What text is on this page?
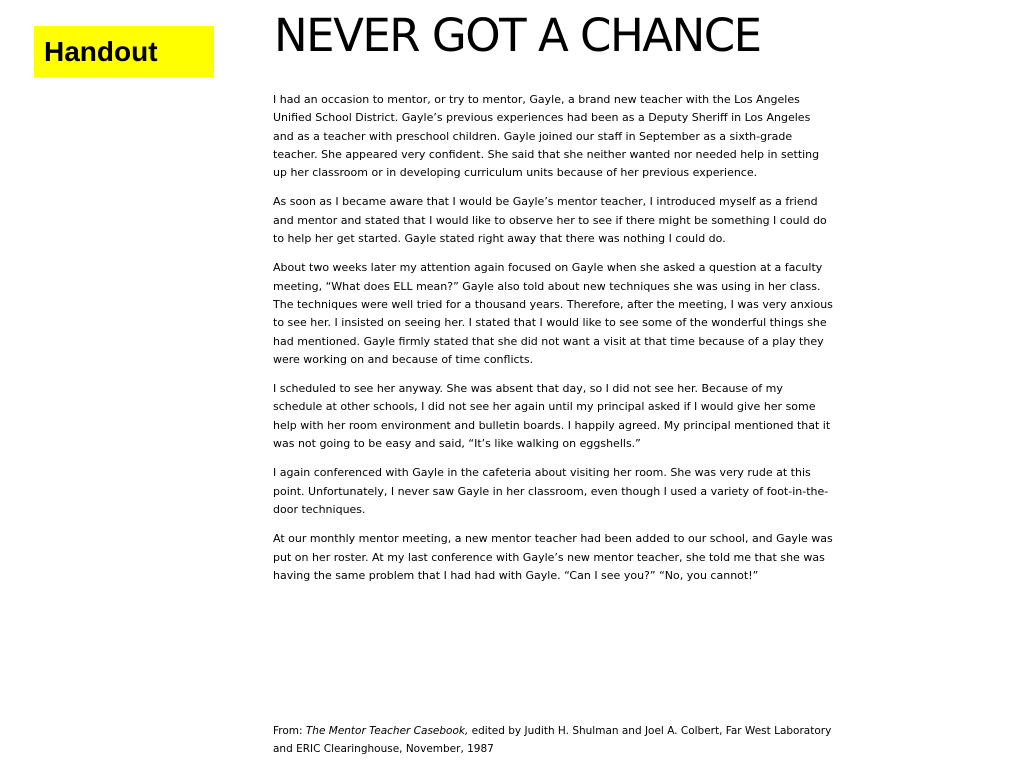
Handout	NEVER GOT A CHANCE

I had an occasion to mentor, or try to mentor, Gayle, a brand new teacher with the Los Angeles Unified School District. Gayle’s previous experiences had been as a Deputy Sheriff in Los Angeles and as a teacher with preschool children. Gayle joined our staff in September as a sixth-grade teacher. She appeared very confident. She said that she neither wanted nor needed help in setting up her classroom or in developing curriculum units because of her previous experience.

As soon as I became aware that I would be Gayle’s mentor teacher, I introduced myself as a friend and mentor and stated that I would like to observe her to see if there might be something I could do to help her get started. Gayle stated right away that there was nothing I could do.

About two weeks later my attention again focused on Gayle when she asked a question at a faculty meeting, “What does ELL mean?” Gayle also told about new techniques she was using in her class. The techniques were well tried for a thousand years. Therefore, after the meeting, I was very anxious to see her. I insisted on seeing her. I stated that I would like to see some of the wonderful things she had mentioned. Gayle firmly stated that she did not want a visit at that time because of a play they were working on and because of time conflicts.

I scheduled to see her anyway. She was absent that day, so I did not see her. Because of my schedule at other schools, I did not see her again until my principal asked if I would give her some help with her room environment and bulletin boards. I happily agreed. My principal mentioned that it was not going to be easy and said, “It’s like walking on eggshells.”

I again conferenced with Gayle in the cafeteria about visiting her room. She was very rude at this point. Unfortunately, I never saw Gayle in her classroom, even though I used a variety of foot-in-the-door techniques.

At our monthly mentor meeting, a new mentor teacher had been added to our school, and Gayle was put on her roster. At my last conference with Gayle’s new mentor teacher, she told me that she was having the same problem that I had had with Gayle. “Can I see you?” “No, you cannot!”

From: The Mentor Teacher Casebook, edited by Judith H. Shulman and Joel A. Colbert, Far West Laboratory and ERIC Clearinghouse, November, 1987
